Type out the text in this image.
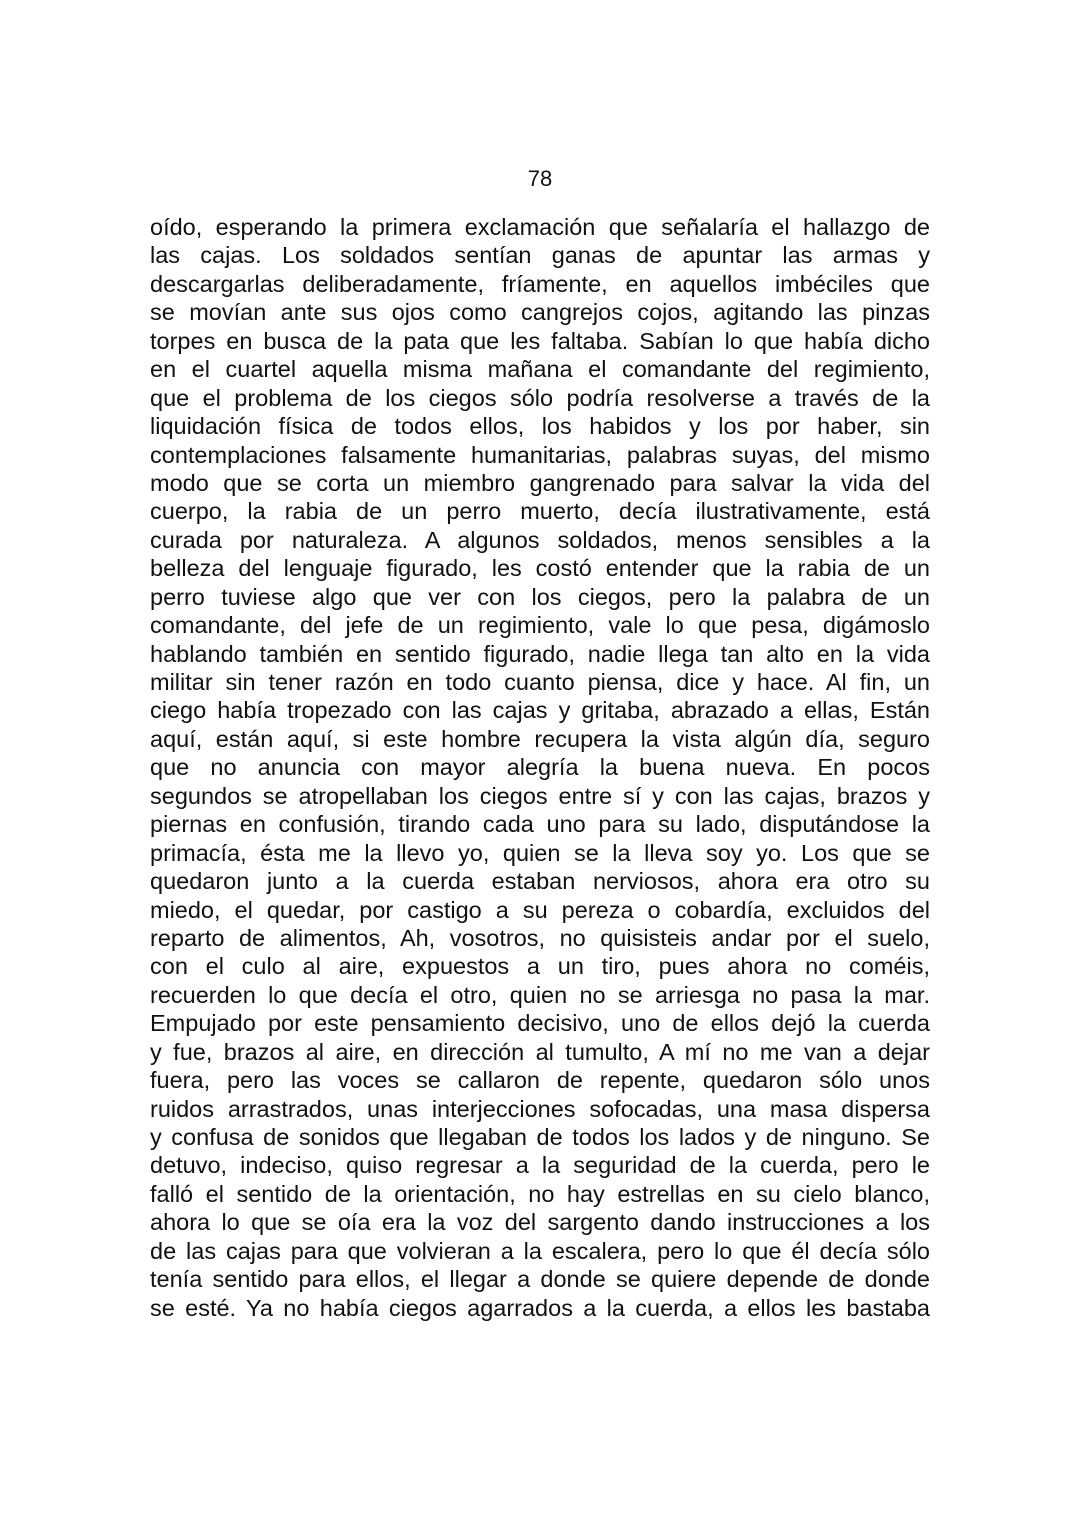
78
oído, esperando la primera exclamación que señalaría el hallazgo de
las cajas. Los soldados sentían ganas de apuntar las armas y
descargarlas deliberadamente, fríamente, en aquellos imbéciles que
se movían ante sus ojos como cangrejos cojos, agitando las pinzas
torpes en busca de la pata que les faltaba. Sabían lo que había dicho
en el cuartel aquella misma mañana el comandante del regimiento,
que el problema de los ciegos sólo podría resolverse a través de la
liquidación física de todos ellos, los habidos y los por haber, sin
contemplaciones falsamente humanitarias, palabras suyas, del mismo
modo que se corta un miembro gangrenado para salvar la vida del
cuerpo, la rabia de un perro muerto, decía ilustrativamente, está
curada por naturaleza. A algunos soldados, menos sensibles a la
belleza del lenguaje figurado, les costó entender que la rabia de un
perro tuviese algo que ver con los ciegos, pero la palabra de un
comandante, del jefe de un regimiento, vale lo que pesa, digámoslo
hablando también en sentido figurado, nadie llega tan alto en la vida
militar sin tener razón en todo cuanto piensa, dice y hace. Al fin, un
ciego había tropezado con las cajas y gritaba, abrazado a ellas, Están
aquí, están aquí, si este hombre recupera la vista algún día, seguro
que no anuncia con mayor alegría la buena nueva. En pocos
segundos se atropellaban los ciegos entre sí y con las cajas, brazos y
piernas en confusión, tirando cada uno para su lado, disputándose la
primacía, ésta me la llevo yo, quien se la lleva soy yo. Los que se
quedaron junto a la cuerda estaban nerviosos, ahora era otro su
miedo, el quedar, por castigo a su pereza o cobardía, excluidos del
reparto de alimentos, Ah, vosotros, no quisisteis andar por el suelo,
con el culo al aire, expuestos a un tiro, pues ahora no coméis,
recuerden lo que decía el otro, quien no se arriesga no pasa la mar.
Empujado por este pensamiento decisivo, uno de ellos dejó la cuerda
y fue, brazos al aire, en dirección al tumulto, A mí no me van a dejar
fuera, pero las voces se callaron de repente, quedaron sólo unos
ruidos arrastrados, unas interjecciones sofocadas, una masa dispersa
y confusa de sonidos que llegaban de todos los lados y de ninguno. Se
detuvo, indeciso, quiso regresar a la seguridad de la cuerda, pero le
falló el sentido de la orientación, no hay estrellas en su cielo blanco,
ahora lo que se oía era la voz del sargento dando instrucciones a los
de las cajas para que volvieran a la escalera, pero lo que él decía sólo
tenía sentido para ellos, el llegar a donde se quiere depende de donde
se esté. Ya no había ciegos agarrados a la cuerda, a ellos les bastaba
